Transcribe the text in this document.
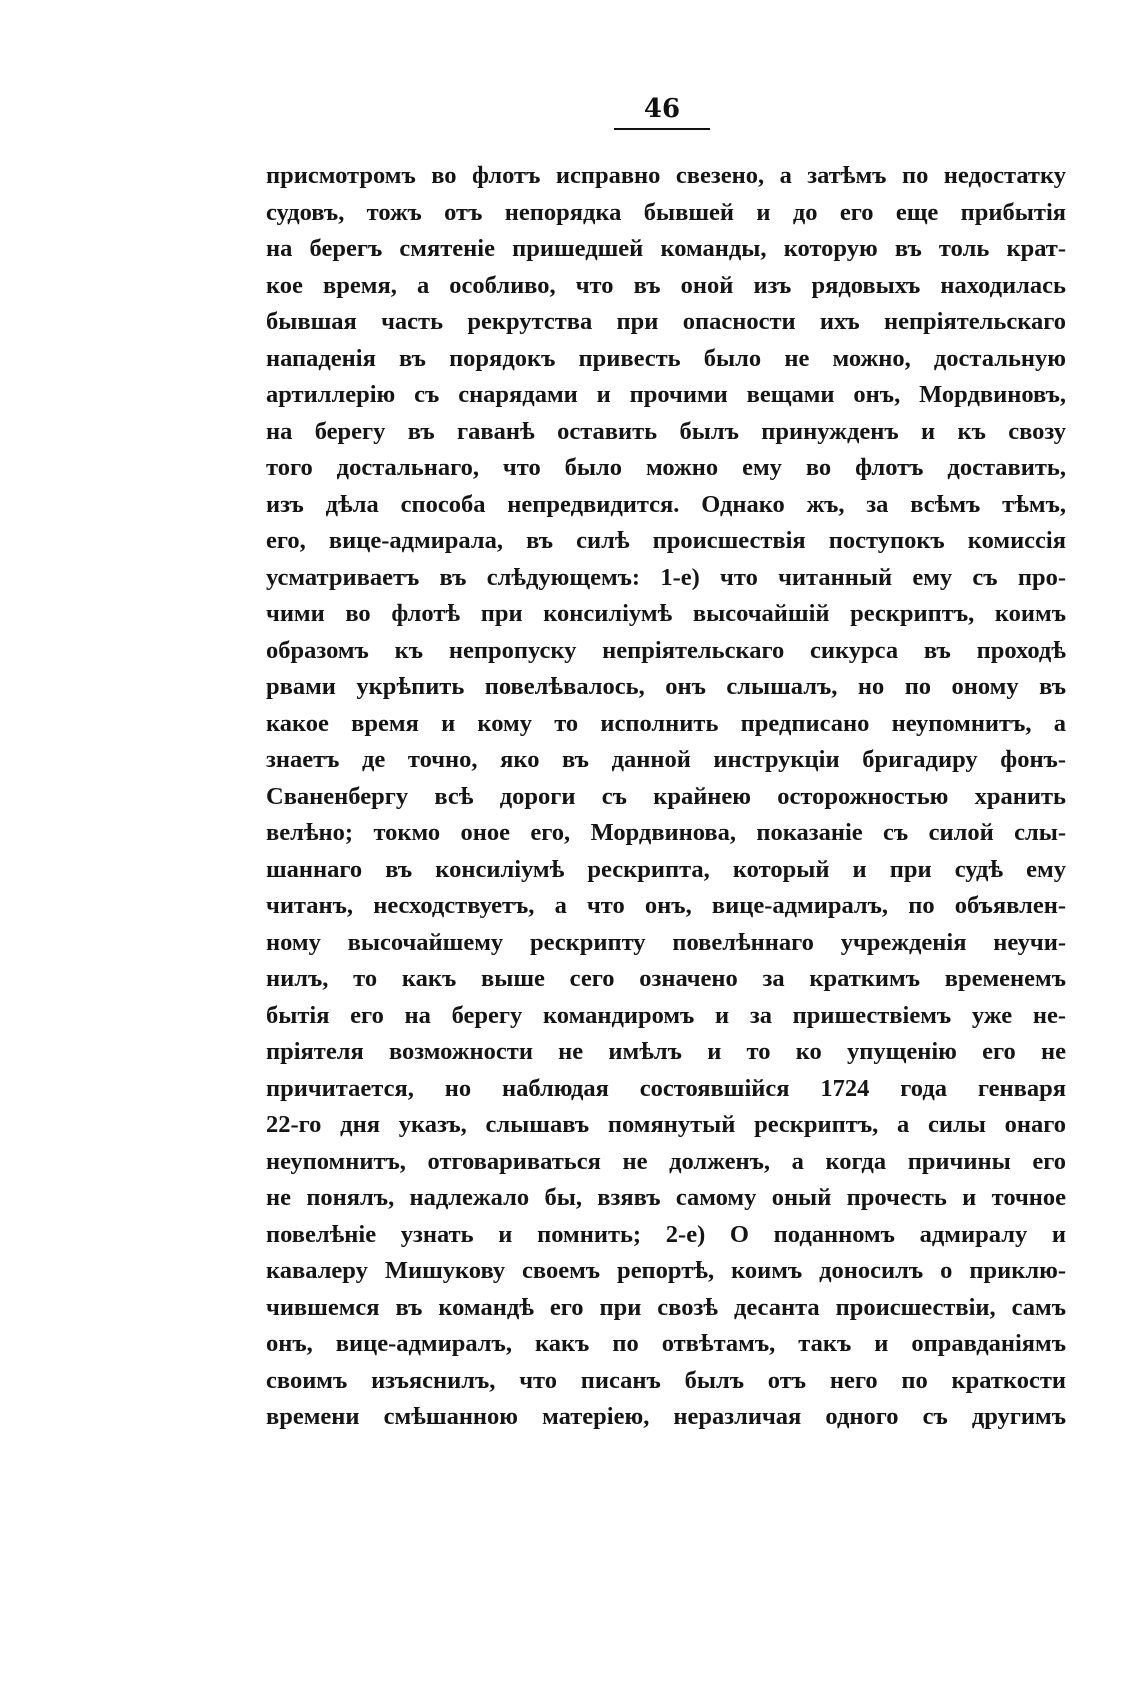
46
присмотромъ во флотъ исправно свезено, а затѣмъ по недостатку
судовъ, тожъ отъ непорядка бывшей и до его еще прибытія
на берегъ смятеніе пришедшей команды, которую въ толь крат-
кое время, а особливо, что въ оной изъ рядовыхъ находилась
бывшая часть рекрутства при опасности ихъ непріятельскаго
нападенія въ порядокъ привесть было не можно, достальную
артиллерію съ снарядами и прочими вещами онъ, Мордвиновъ,
на берегу въ гаванѣ оставить былъ принужденъ и къ свозу
того достальнаго, что было можно ему во флотъ доставить,
изъ дѣла способа непредвидится. Однако жъ, за всѣмъ тѣмъ,
его, вице-адмирала, въ силѣ происшествія поступокъ комиссія
усматриваетъ въ слѣдующемъ: 1-е) что читанный ему съ про-
чими во флотѣ при консиліумѣ высочайшій рескриптъ, коимъ
образомъ къ непропуску непріятельскаго сикурса въ проходѣ
рвами укрѣпить повелѣвалось, онъ слышалъ, но по оному въ
какое время и кому то исполнить предписано неупомнитъ, а
знаетъ де точно, яко въ данной инструкціи бригадиру фонъ-
Сваненбергу всѣ дороги съ крайнею осторожностью хранить
велѣно; токмо оное его, Мордвинова, показаніе съ силой слы-
шаннаго въ консиліумѣ рескрипта, который и при судѣ ему
читанъ, несходствуетъ, а что онъ, вице-адмиралъ, по объявлен-
ному высочайшему рескрипту повелѣннаго учрежденія неучи-
нилъ, то какъ выше сего означено за краткимъ временемъ
бытія его на берегу командиромъ и за пришествіемъ уже не-
пріятеля возможности не имѣлъ и то ко упущенію его не
причитается, но наблюдая состоявшійся 1724 года генваря
22-го дня указъ, слышавъ помянутый рескриптъ, а силы онаго
неупомнитъ, отговариваться не долженъ, а когда причины его
не понялъ, надлежало бы, взявъ самому оный прочесть и точное
повелѣніе узнать и помнить; 2-е) О поданномъ адмиралу и
кавалеру Мишукову своемъ репортѣ, коимъ доносилъ о приклю-
чившемся въ командѣ его при свозѣ десанта происшествіи, самъ
онъ, вице-адмиралъ, какъ по отвѣтамъ, такъ и оправданіямъ
своимъ изъяснилъ, что писанъ былъ отъ него по краткости
времени смѣшанною матеріею, неразличая одного съ другимъ
